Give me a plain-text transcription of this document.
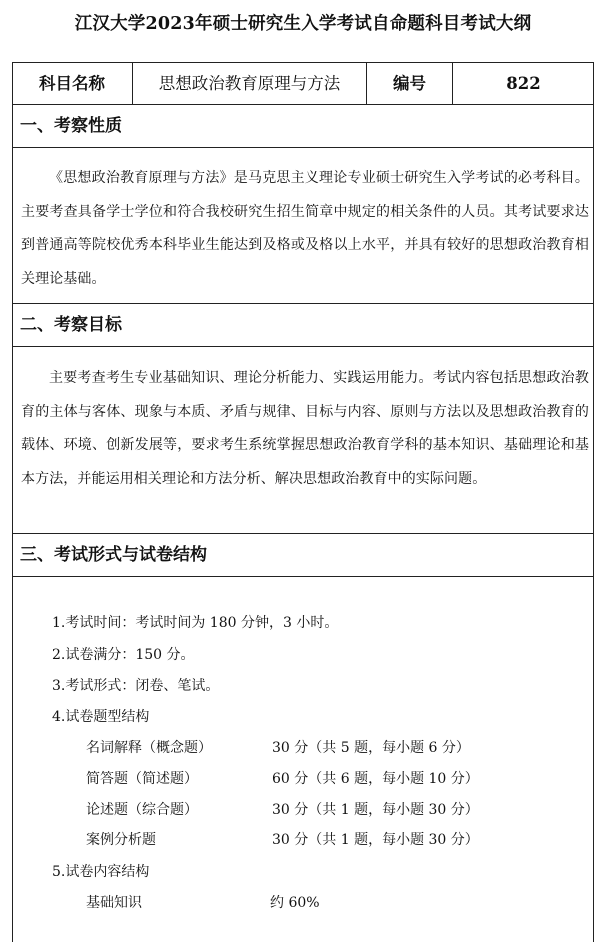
江汉大学2023年硕士研究生入学考试自命题科目考试大纲
科目名称	思想政治教育原理与方法	编号	822
一、考察性质

《思想政治教育原理与方法》是马克思主义理论专业硕士研究生入学考试的必考科目。主要考查具备学士学位和符合我校研究生招生简章中规定的相关条件的人员。其考试要求达到普通高等院校优秀本科毕业生能达到及格或及格以上水平，并具有较好的思想政治教育相关理论基础。

二、考察目标

主要考查考生专业基础知识、理论分析能力、实践运用能力。考试内容包括思想政治教育的主体与客体、现象与本质、矛盾与规律、目标与内容、原则与方法以及思想政治教育的载体、环境、创新发展等，要求考生系统掌握思想政治教育学科的基本知识、基础理论和基本方法，并能运用相关理论和方法分析、解决思想政治教育中的实际问题。

三、考试形式与试卷结构
1.考试时间：考试时间为 180 分钟，3 小时。
2.试卷满分：150 分。
3.考试形式：闭卷、笔试。
4.试卷题型结构
名词解释（概念题）	30 分（共 5 题，每小题 6 分）
简答题（简述题）	60 分（共 6 题，每小题 10 分）
论述题（综合题）	30 分（共 1 题，每小题 30 分）
案例分析题	30 分（共 1 题，每小题 30 分）
5.试卷内容结构
基础知识	约 60%
